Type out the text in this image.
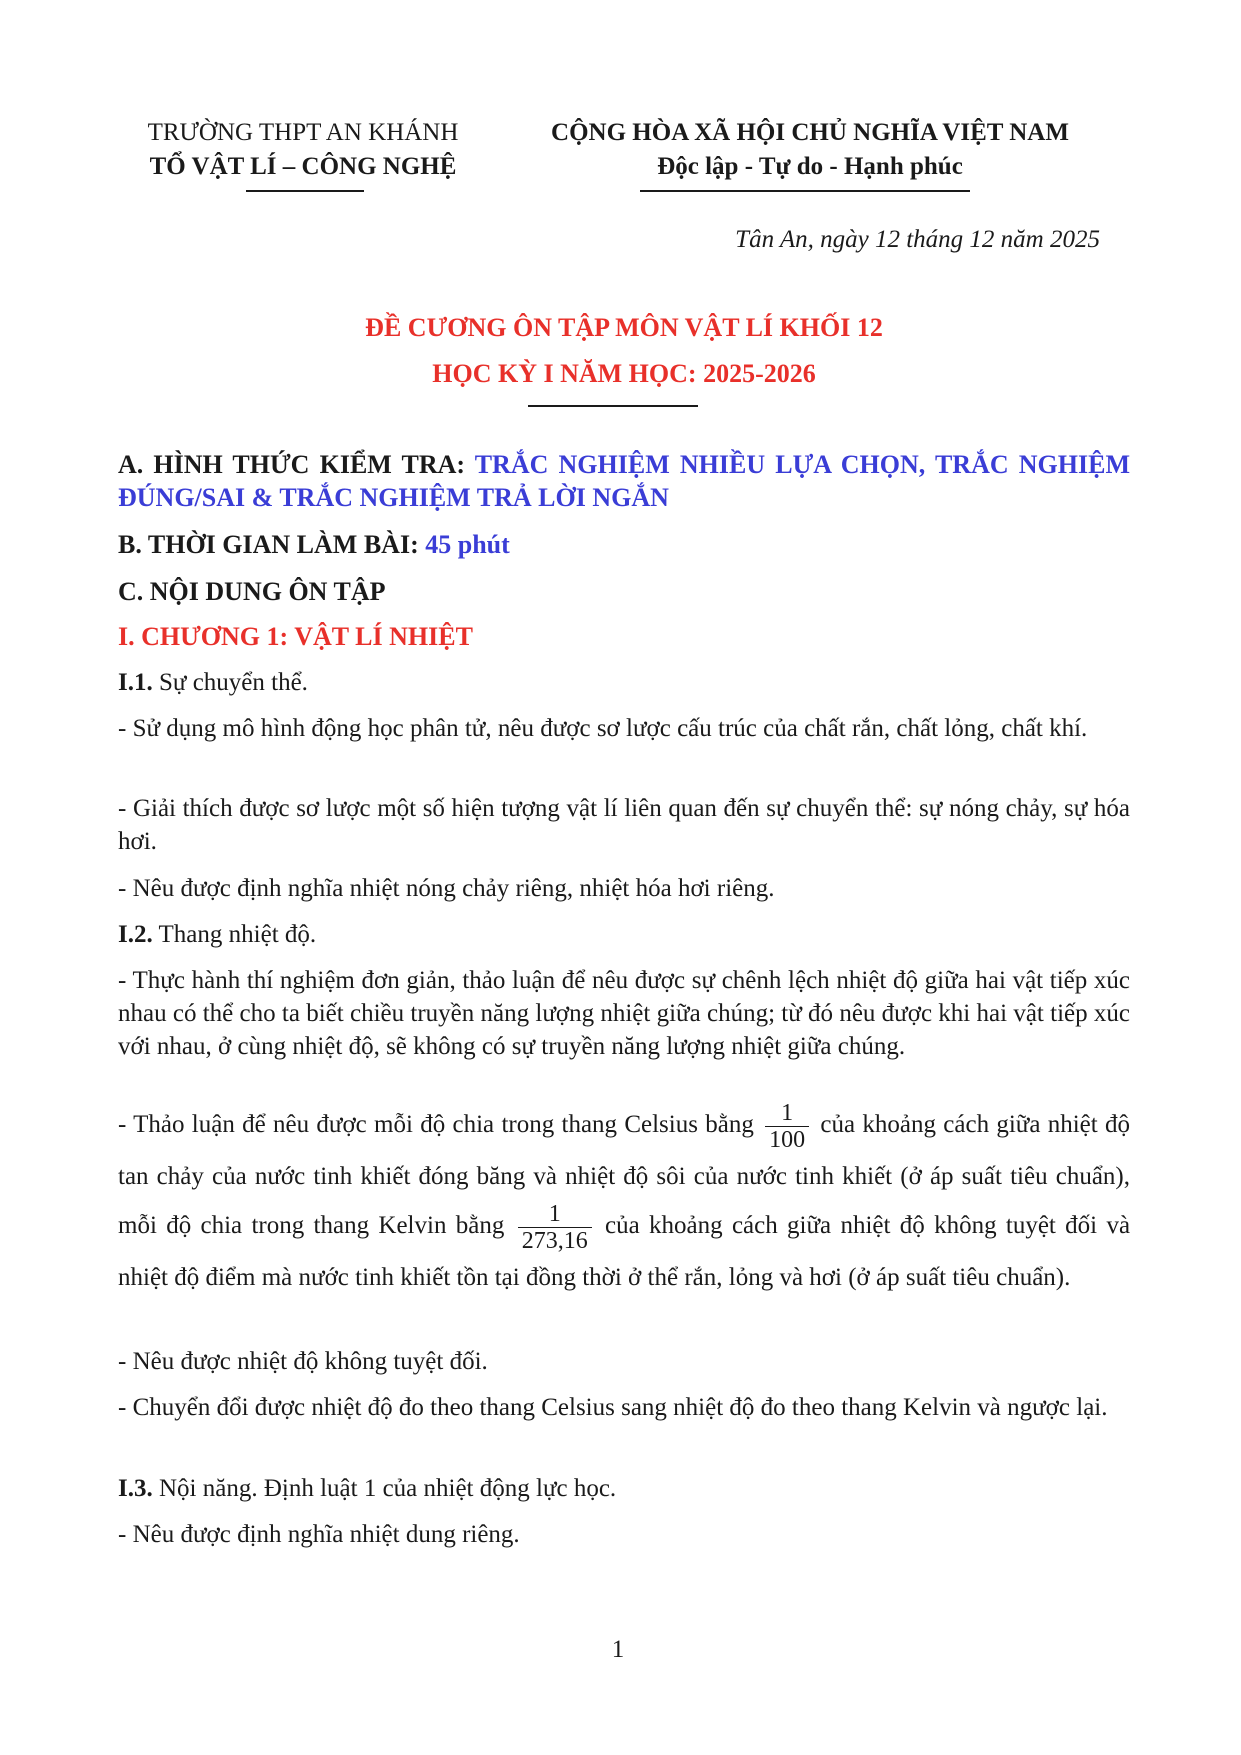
TRƯỜNG THPT AN KHÁNH
TỔ VẬT LÍ – CÔNG NGHỆ
CỘNG HÒA XÃ HỘI CHỦ NGHĨA VIỆT NAM
Độc lập - Tự do - Hạnh phúc
Tân An, ngày 12 tháng 12 năm 2025
ĐỀ CƯƠNG ÔN TẬP MÔN VẬT LÍ KHỐI 12
HỌC KỲ I NĂM HỌC: 2025-2026
A. HÌNH THỨC KIỂM TRA: TRẮC NGHIỆM NHIỀU LỰA CHỌN, TRẮC NGHIỆM ĐÚNG/SAI & TRẮC NGHIỆM TRẢ LỜI NGẮN
B. THỜI GIAN LÀM BÀI: 45 phút
C. NỘI DUNG ÔN TẬP
I. CHƯƠNG 1: VẬT LÍ NHIỆT
I.1. Sự chuyển thể.
- Sử dụng mô hình động học phân tử, nêu được sơ lược cấu trúc của chất rắn, chất lỏng, chất khí.
- Giải thích được sơ lược một số hiện tượng vật lí liên quan đến sự chuyển thể: sự nóng chảy, sự hóa hơi.
- Nêu được định nghĩa nhiệt nóng chảy riêng, nhiệt hóa hơi riêng.
I.2. Thang nhiệt độ.
- Thực hành thí nghiệm đơn giản, thảo luận để nêu được sự chênh lệch nhiệt độ giữa hai vật tiếp xúc nhau có thể cho ta biết chiều truyền năng lượng nhiệt giữa chúng; từ đó nêu được khi hai vật tiếp xúc với nhau, ở cùng nhiệt độ, sẽ không có sự truyền năng lượng nhiệt giữa chúng.
- Thảo luận để nêu được mỗi độ chia trong thang Celsius bằng $\frac{1}{100}$ của khoảng cách giữa nhiệt độ tan chảy của nước tinh khiết đóng băng và nhiệt độ sôi của nước tinh khiết (ở áp suất tiêu chuẩn), mỗi độ chia trong thang Kelvin bằng $\frac{1}{273,16}$ của khoảng cách giữa nhiệt độ không tuyệt đối và nhiệt độ điểm mà nước tinh khiết tồn tại đồng thời ở thể rắn, lỏng và hơi (ở áp suất tiêu chuẩn).
- Nêu được nhiệt độ không tuyệt đối.
- Chuyển đổi được nhiệt độ đo theo thang Celsius sang nhiệt độ đo theo thang Kelvin và ngược lại.
I.3. Nội năng. Định luật 1 của nhiệt động lực học.
- Nêu được định nghĩa nhiệt dung riêng.
1
